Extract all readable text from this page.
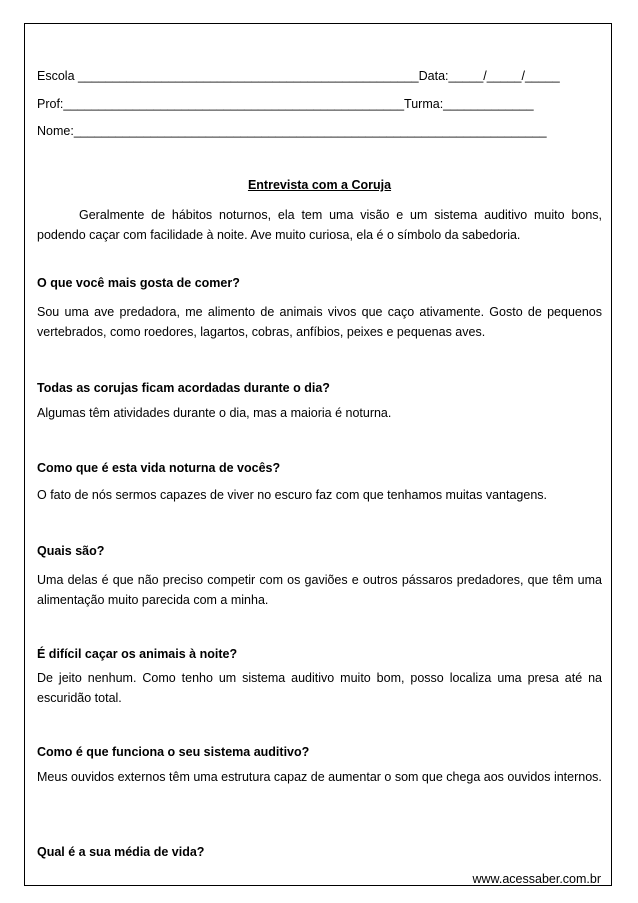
Escola _________________________________________________Data:_____/_____/_____
Prof:_________________________________________________Turma:_____________
Nome:____________________________________________________________________
Entrevista com a Coruja
Geralmente de hábitos noturnos, ela tem uma visão e um sistema auditivo muito bons, podendo caçar com facilidade à noite. Ave muito curiosa, ela é o símbolo da sabedoria.
O que você mais gosta de comer?
Sou uma ave predadora, me alimento de animais vivos que caço ativamente. Gosto de pequenos vertebrados, como roedores, lagartos, cobras, anfíbios, peixes e pequenas aves.
Todas as corujas ficam acordadas durante o dia?
Algumas têm atividades durante o dia, mas a maioria é noturna.
Como que é esta vida noturna de vocês?
O fato de nós sermos capazes de viver no escuro faz com que tenhamos muitas vantagens.
Quais são?
Uma delas é que não preciso competir com os gaviões e outros pássaros predadores, que têm uma alimentação muito parecida com a minha.
É difícil caçar os animais à noite?
De jeito nenhum. Como tenho um sistema auditivo muito bom, posso localiza uma presa até na escuridão total.
Como é que funciona o seu sistema auditivo?
Meus ouvidos externos têm uma estrutura capaz de aumentar o som que chega aos ouvidos internos.
Qual é a sua média de vida?
www.acessaber.com.br
